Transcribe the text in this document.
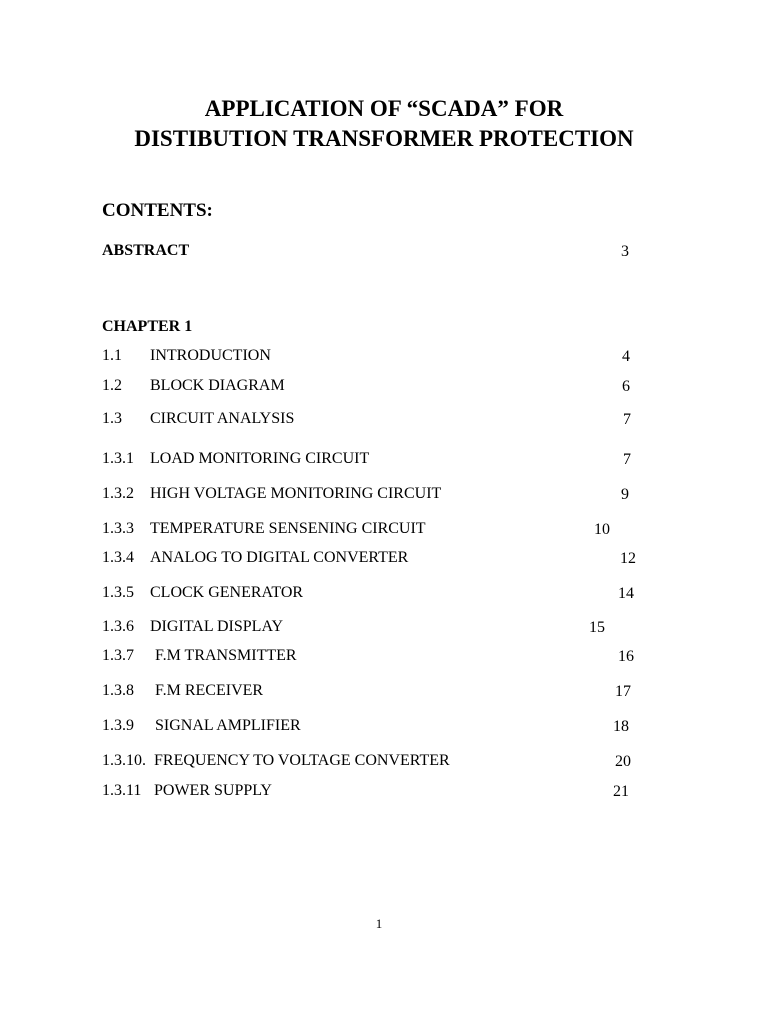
APPLICATION OF “SCADA” FOR
DISTIBUTION TRANSFORMER PROTECTION
CONTENTS:
ABSTRACT	3
CHAPTER 1
1.1 INTRODUCTION	4
1.2 BLOCK DIAGRAM	6
1.3 CIRCUIT ANALYSIS	7
1.3.1 LOAD MONITORING CIRCUIT	7
1.3.2 HIGH VOLTAGE MONITORING CIRCUIT	9
1.3.3 TEMPERATURE SENSENING CIRCUIT	10
1.3.4 ANALOG TO DIGITAL CONVERTER	12
1.3.5 CLOCK GENERATOR	14
1.3.6 DIGITAL DISPLAY	15
1.3.7 F.M TRANSMITTER	16
1.3.8 F.M RECEIVER	17
1.3.9 SIGNAL AMPLIFIER	18
1.3.10. FREQUENCY TO VOLTAGE CONVERTER	20
1.3.11 POWER SUPPLY	21
1
